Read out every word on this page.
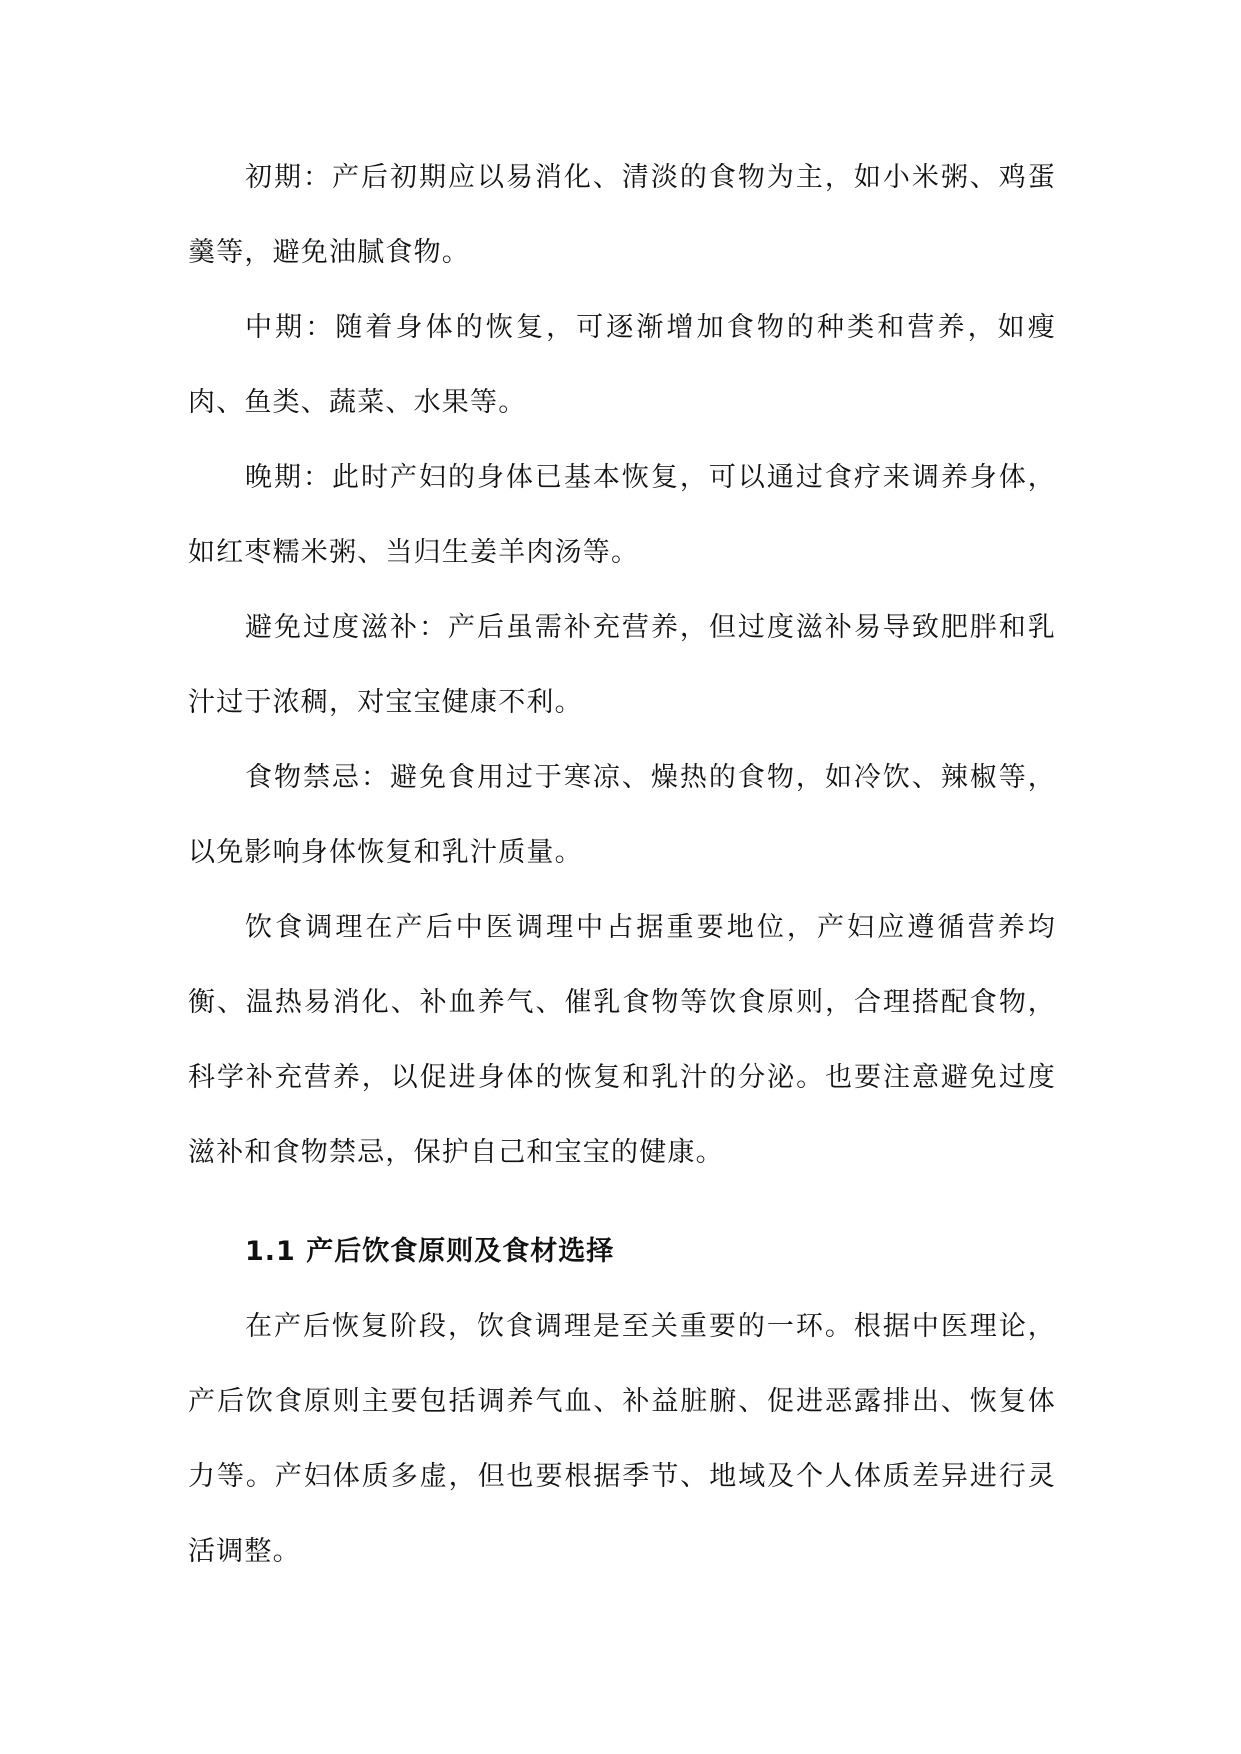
初期：产后初期应以易消化、清淡的食物为主，如小米粥、鸡蛋羹等，避免油腻食物。

中期：随着身体的恢复，可逐渐增加食物的种类和营养，如瘦肉、鱼类、蔬菜、水果等。

晚期：此时产妇的身体已基本恢复，可以通过食疗来调养身体，如红枣糯米粥、当归生姜羊肉汤等。

避免过度滋补：产后虽需补充营养，但过度滋补易导致肥胖和乳汁过于浓稠，对宝宝健康不利。

食物禁忌：避免食用过于寒凉、燥热的食物，如冷饮、辣椒等，以免影响身体恢复和乳汁质量。

饮食调理在产后中医调理中占据重要地位，产妇应遵循营养均衡、温热易消化、补血养气、催乳食物等饮食原则，合理搭配食物，科学补充营养，以促进身体的恢复和乳汁的分泌。也要注意避免过度滋补和食物禁忌，保护自己和宝宝的健康。

1.1 产后饮食原则及食材选择

在产后恢复阶段，饮食调理是至关重要的一环。根据中医理论，产后饮食原则主要包括调养气血、补益脏腑、促进恶露排出、恢复体力等。产妇体质多虚，但也要根据季节、地域及个人体质差异进行灵活调整。
